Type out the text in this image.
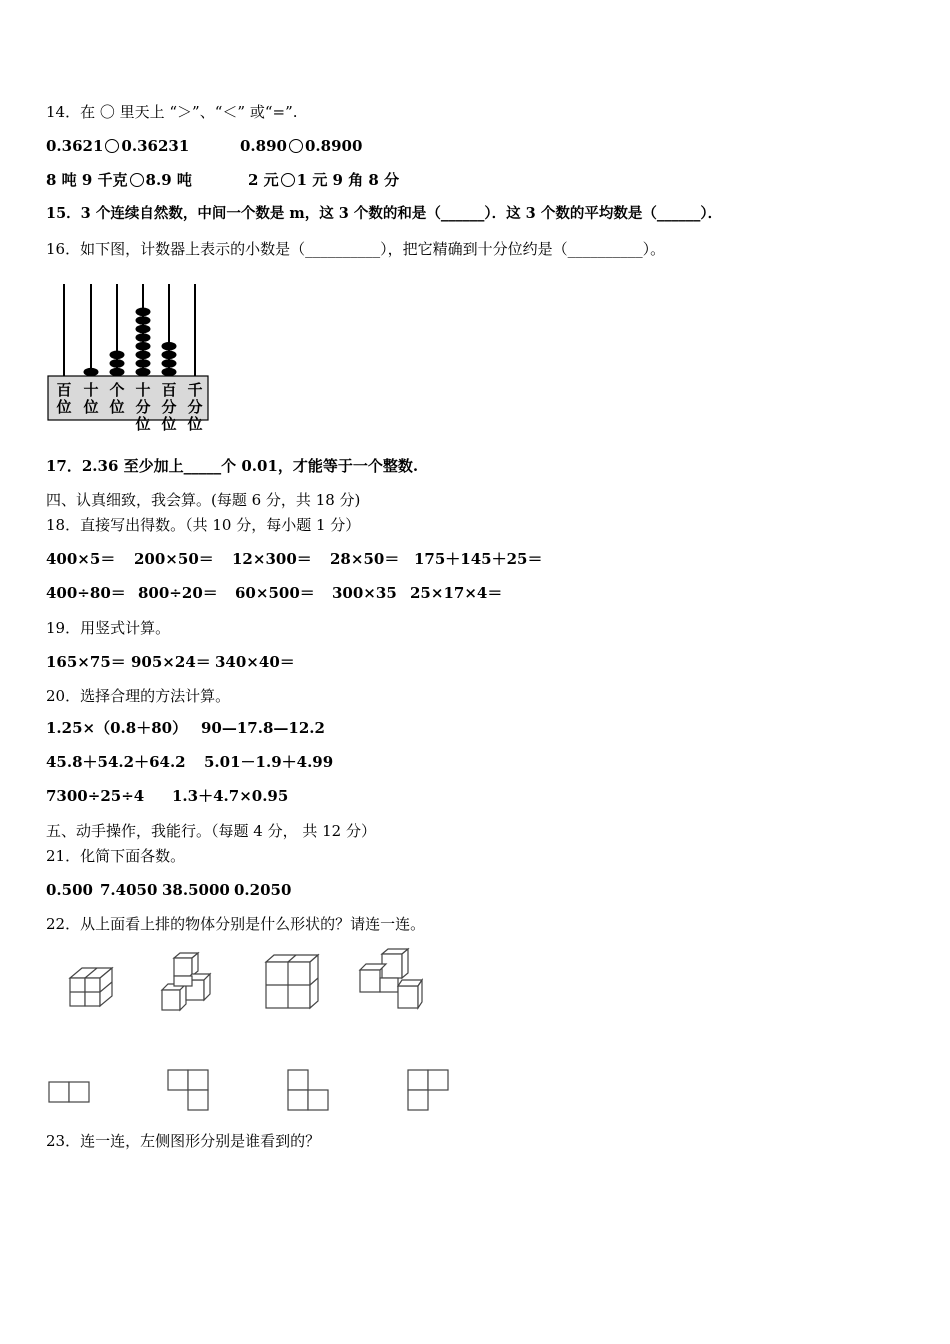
14．在 〇 里天上 “＞”、“＜” 或“=”.
0.3621 0.36231	0.890 0.8900
8 吨 9 千克 8.9 吨	2 元 1 元 9 角 8 分
15．3 个连续自然数，中间一个数是 m，这 3 个数的和是（______）．这 3 个数的平均数是（______）．
16．如下图，计数器上表示的小数是（__________），把它精确到十分位约是（__________）。
百
位
十
位
个
位
十
分
位
百
分
位
千
分
位
17．2.36 至少加上_____个 0.01，才能等于一个整数.
四、认真细致，我会算。(每题 6 分，共 18 分)
18．直接写出得数。（共 10 分，每小题 1 分）
400×5＝ 200×50＝ 12×300＝ 28×50＝ 175＋145＋25＝
400÷80＝ 800÷20＝ 60×500＝ 300×35 25×17×4＝
19．用竖式计算。
165×75＝ 905×24＝ 340×40＝
20．选择合理的方法计算。
1.25×（0.8＋80） 90—17.8—12.2
45.8＋54.2＋64.2 5.01－1.9＋4.99
7300÷25÷4 1.3＋4.7×0.95
五、动手操作，我能行。（每题 4 分， 共 12 分）
21．化简下面各数。
0.500 7.4050 38.5000 0.2050
22．从上面看上排的物体分别是什么形状的？请连一连。
23．连一连，左侧图形分别是谁看到的？
